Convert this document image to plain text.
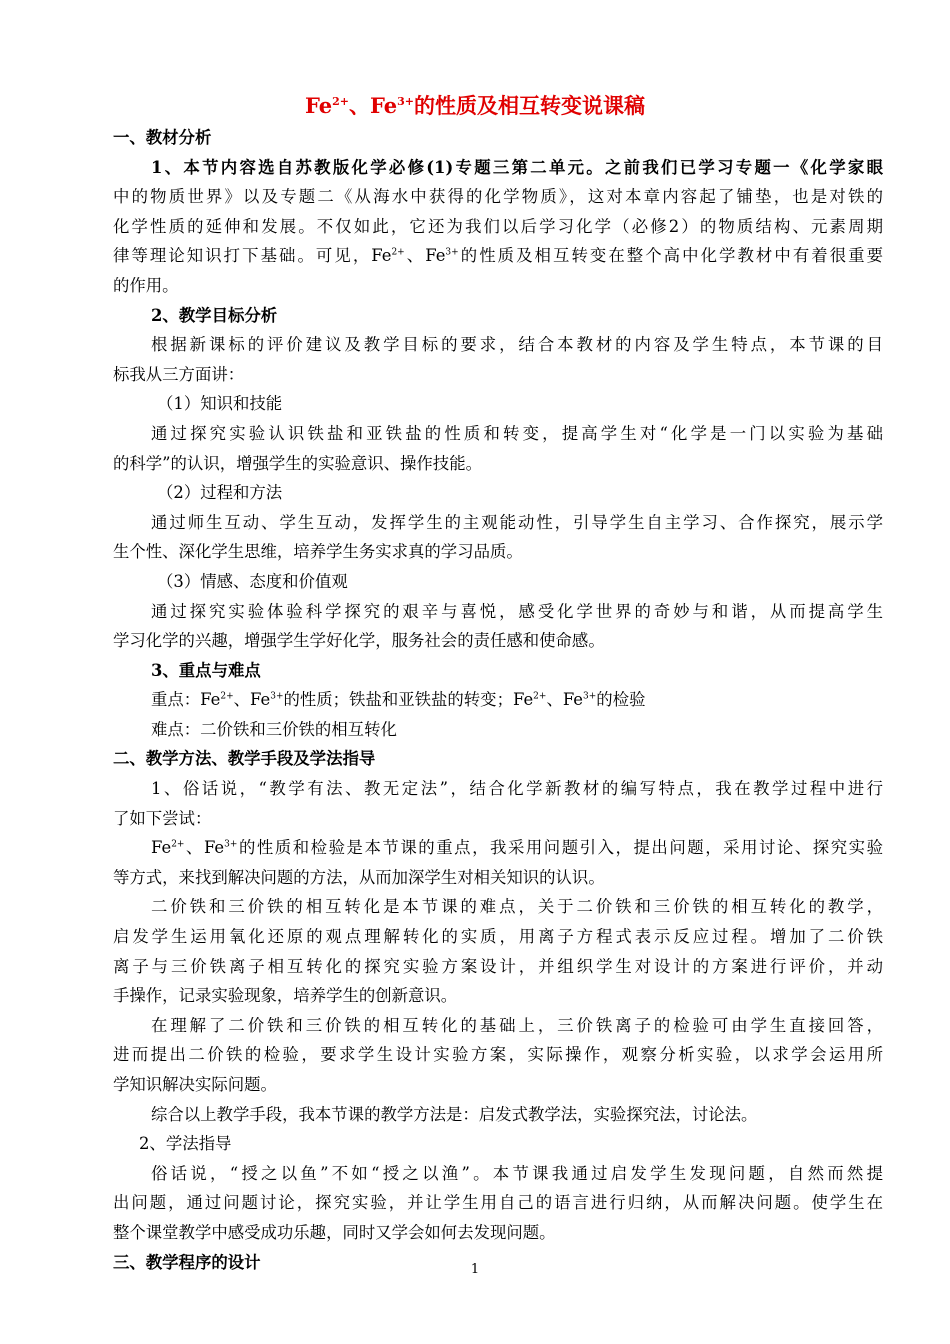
$Fe^{2+}$、$Fe^{3+}$的性质及相互转变说课稿
一、教材分析
1、本节内容选自苏教版化学必修(1)专题三第二单元。之前我们已学习专题一《化学家眼
中的物质世界》以及专题二《从海水中获得的化学物质》，这对本章内容起了铺垫，也是对铁的
化学性质的延伸和发展。不仅如此，它还为我们以后学习化学（必修2）的物质结构、元素周期
律等理论知识打下基础。可见，$Fe^{2+}$、$Fe^{3+}$的性质及相互转变在整个高中化学教材中有着很重要
的作用。
2、教学目标分析
根据新课标的评价建议及教学目标的要求，结合本教材的内容及学生特点，本节课的目
标我从三方面讲：
（1）知识和技能
通过探究实验认识铁盐和亚铁盐的性质和转变，提高学生对“化学是一门以实验为基础
的科学”的认识，增强学生的实验意识、操作技能。
（2）过程和方法
通过师生互动、学生互动，发挥学生的主观能动性，引导学生自主学习、合作探究，展示学
生个性、深化学生思维，培养学生务实求真的学习品质。
（3）情感、态度和价值观
通过探究实验体验科学探究的艰辛与喜悦，感受化学世界的奇妙与和谐，从而提高学生
学习化学的兴趣，增强学生学好化学，服务社会的责任感和使命感。
3、重点与难点
重点：$Fe^{2+}$、$Fe^{3+}$的性质；铁盐和亚铁盐的转变；$Fe^{2+}$、$Fe^{3+}$的检验
难点：二价铁和三价铁的相互转化
二、教学方法、教学手段及学法指导
1、俗话说，“教学有法、教无定法”，结合化学新教材的编写特点，我在教学过程中进行
了如下尝试：
$Fe^{2+}$、$Fe^{3+}$的性质和检验是本节课的重点，我采用问题引入，提出问题，采用讨论、探究实验
等方式，来找到解决问题的方法，从而加深学生对相关知识的认识。
二价铁和三价铁的相互转化是本节课的难点，关于二价铁和三价铁的相互转化的教学，
启发学生运用氧化还原的观点理解转化的实质，用离子方程式表示反应过程。增加了二价铁
离子与三价铁离子相互转化的探究实验方案设计，并组织学生对设计的方案进行评价，并动
手操作，记录实验现象，培养学生的创新意识。
在理解了二价铁和三价铁的相互转化的基础上，三价铁离子的检验可由学生直接回答，
进而提出二价铁的检验，要求学生设计实验方案，实际操作，观察分析实验，以求学会运用所
学知识解决实际问题。
综合以上教学手段，我本节课的教学方法是：启发式教学法，实验探究法，讨论法。
2、学法指导
俗话说，“授之以鱼”不如“授之以渔”。本节课我通过启发学生发现问题，自然而然提
出问题，通过问题讨论，探究实验，并让学生用自己的语言进行归纳，从而解决问题。使学生在
整个课堂教学中感受成功乐趣，同时又学会如何去发现问题。
三、教学程序的设计	1
